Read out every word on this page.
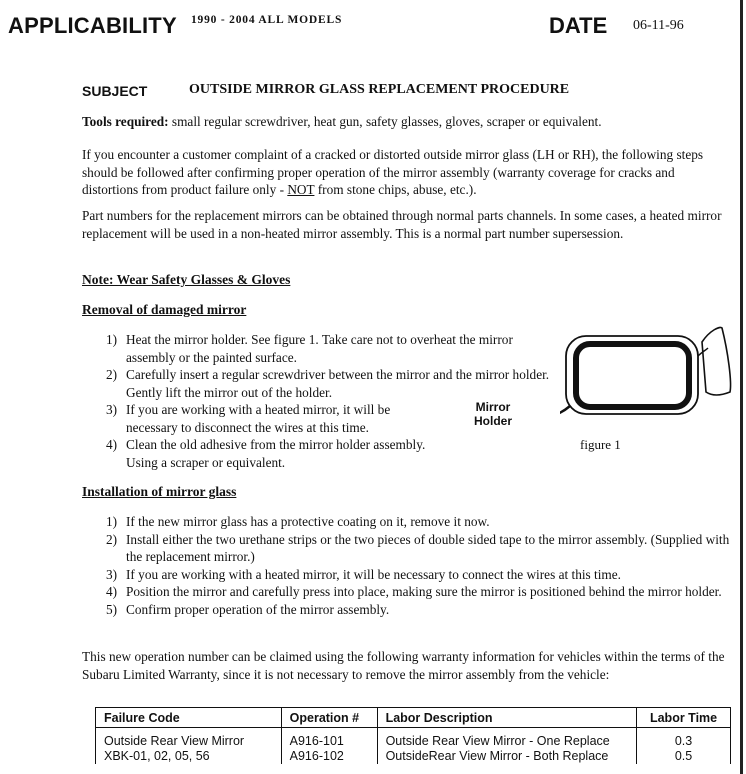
APPLICABILITY 1990 - 2004 ALL MODELS	DATE 06-11-96
SUBJECT	OUTSIDE MIRROR GLASS REPLACEMENT PROCEDURE
Tools required: small regular screwdriver, heat gun, safety glasses, gloves, scraper or equivalent.
If you encounter a customer complaint of a cracked or distorted outside mirror glass (LH or RH), the following steps should be followed after confirming proper operation of the mirror assembly (warranty coverage for cracks and distortions from product failure only - NOT from stone chips, abuse, etc.).
Part numbers for the replacement mirrors can be obtained through normal parts channels. In some cases, a heated mirror replacement will be used in a non-heated mirror assembly. This is a normal part number supersession.
Note: Wear Safety Glasses & Gloves
Removal of damaged mirror
1) Heat the mirror holder. See figure 1. Take care not to overheat the mirror assembly or the painted surface.
2) Carefully insert a regular screwdriver between the mirror and the mirror holder. Gently lift the mirror out of the holder.
3) If you are working with a heated mirror, it will be necessary to disconnect the wires at this time.
4) Clean the old adhesive from the mirror holder assembly. Using a scraper or equivalent.
Mirror
Holder
figure 1
Installation of mirror glass
1) If the new mirror glass has a protective coating on it, remove it now.
2) Install either the two urethane strips or the two pieces of double sided tape to the mirror assembly. (Supplied with the replacement mirror.)
3) If you are working with a heated mirror, it will be necessary to connect the wires at this time.
4) Position the mirror and carefully press into place, making sure the mirror is positioned behind the mirror holder.
5) Confirm proper operation of the mirror assembly.
This new operation number can be claimed using the following warranty information for vehicles within the terms of the Subaru Limited Warranty, since it is not necessary to remove the mirror assembly from the vehicle:
Failure Code	Operation #	Labor Description	Labor Time
Outside Rear View Mirror	A916-101	Outside Rear View Mirror - One Replace	0.3
XBK-01, 02, 05, 56	A916-102	OutsideRear View Mirror - Both Replace	0.5
